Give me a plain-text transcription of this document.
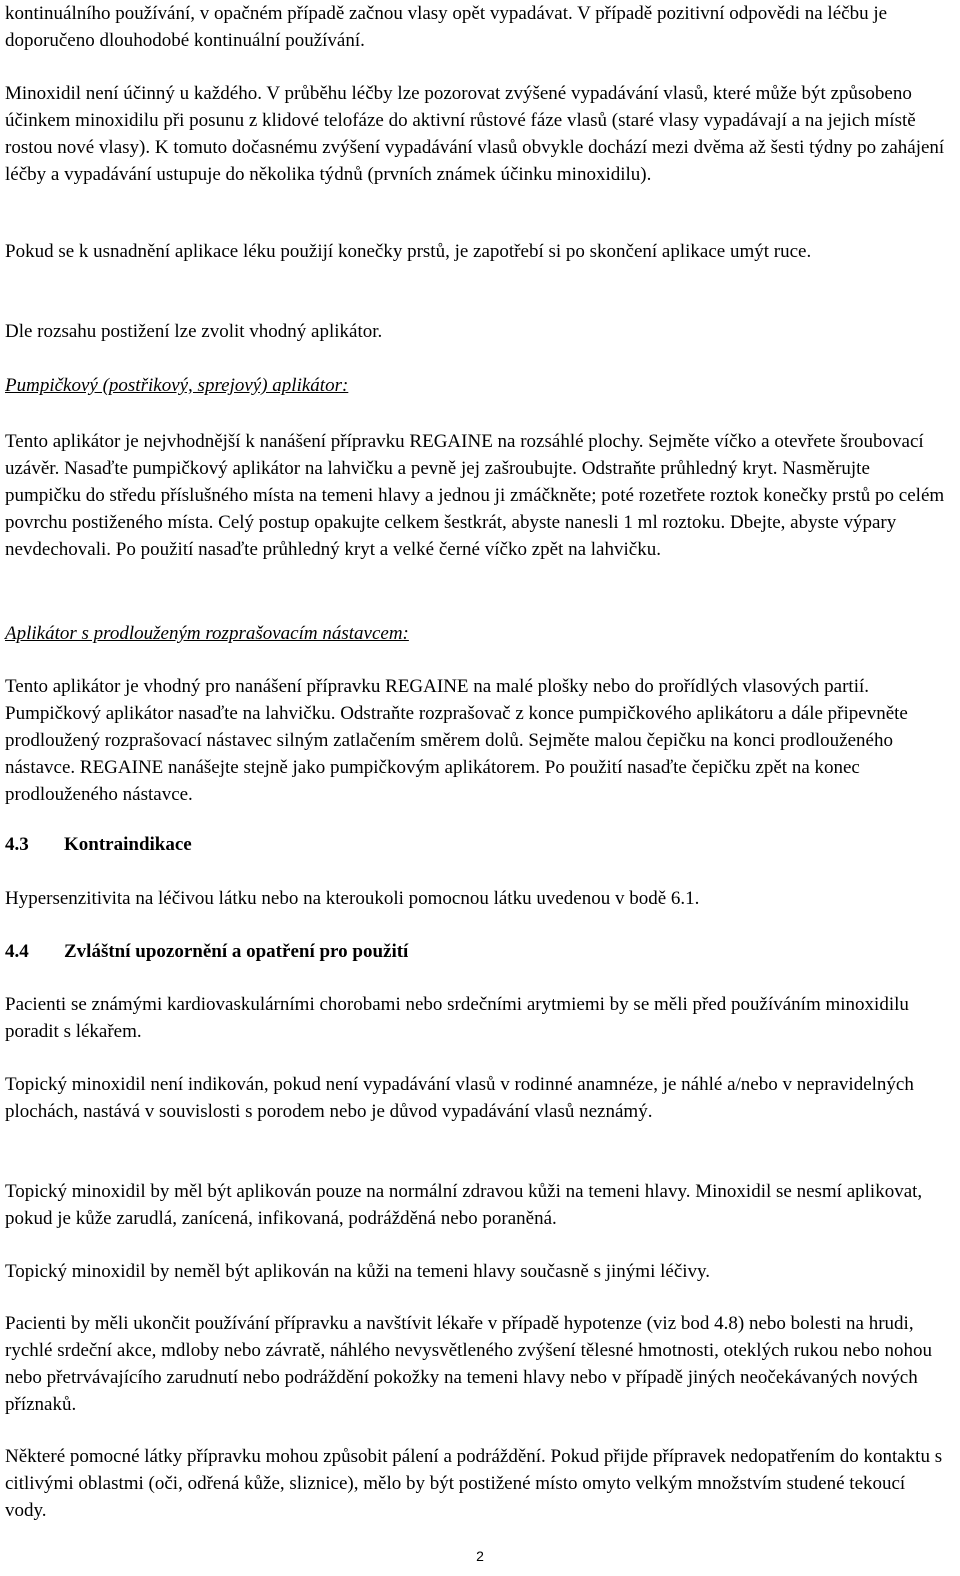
kontinuálního používání, v opačném případě začnou vlasy opět vypadávat. V případě pozitivní odpovědi na léčbu je doporučeno dlouhodobé kontinuální používání.

Minoxidil není účinný u každého. V průběhu léčby lze pozorovat zvýšené vypadávání vlasů, které může být způsobeno účinkem minoxidilu při posunu z klidové telofáze do aktivní růstové fáze vlasů (staré vlasy vypadávají a na jejich místě rostou nové vlasy). K tomuto dočasnému zvýšení vypadávání vlasů obvykle dochází mezi dvěma až šesti týdny po zahájení léčby a vypadávání ustupuje do několika týdnů (prvních známek účinku minoxidilu).

Pokud se k usnadnění aplikace léku použijí konečky prstů, je zapotřebí si po skončení aplikace umýt ruce.

Dle rozsahu postižení lze zvolit vhodný aplikátor.

Pumpičkový (postřikový, sprejový) aplikátor:

Tento aplikátor je nejvhodnější k nanášení přípravku REGAINE na rozsáhlé plochy. Sejměte víčko a otevřete šroubovací uzávěr. Nasaďte pumpičkový aplikátor na lahvičku a pevně jej zašroubujte. Odstraňte průhledný kryt. Nasměrujte pumpičku do středu příslušného místa na temeni hlavy a jednou ji zmáčkněte; poté rozetřete roztok konečky prstů po celém povrchu postiženého místa. Celý postup opakujte celkem šestkrát, abyste nanesli 1 ml roztoku. Dbejte, abyste výpary nevdechovali. Po použití nasaďte průhledný kryt a velké černé víčko zpět na lahvičku.

Aplikátor s prodlouženým rozprašovacím nástavcem:

Tento aplikátor je vhodný pro nanášení přípravku REGAINE na malé plošky nebo do prořídlých vlasových partií. Pumpičkový aplikátor nasaďte na lahvičku. Odstraňte rozprašovač z konce pumpičkového aplikátoru a dále připevněte prodloužený rozprašovací nástavec silným zatlačením směrem dolů. Sejměte malou čepičku na konci prodlouženého nástavce. REGAINE nanášejte stejně jako pumpičkovým aplikátorem. Po použití nasaďte čepičku zpět na konec prodlouženého nástavce.

4.3 Kontraindikace

Hypersenzitivita na léčivou látku nebo na kteroukoli pomocnou látku uvedenou v bodě 6.1.

4.4 Zvláštní upozornění a opatření pro použití

Pacienti se známými kardiovaskulárními chorobami nebo srdečními arytmiemi by se měli před používáním minoxidilu poradit s lékařem.

Topický minoxidil není indikován, pokud není vypadávání vlasů v rodinné anamnéze, je náhlé a/nebo v nepravidelných plochách, nastává v souvislosti s porodem nebo je důvod vypadávání vlasů neznámý.

Topický minoxidil by měl být aplikován pouze na normální zdravou kůži na temeni hlavy. Minoxidil se nesmí aplikovat, pokud je kůže zarudlá, zanícená, infikovaná, podrážděná nebo poraněná.

Topický minoxidil by neměl být aplikován na kůži na temeni hlavy současně s jinými léčivy.

Pacienti by měli ukončit používání přípravku a navštívit lékaře v případě hypotenze (viz bod 4.8) nebo bolesti na hrudi, rychlé srdeční akce, mdloby nebo závratě, náhlého nevysvětleného zvýšení tělesné hmotnosti, oteklých rukou nebo nohou nebo přetrvávajícího zarudnutí nebo podráždění pokožky na temeni hlavy nebo v případě jiných neočekávaných nových příznaků.

Některé pomocné látky přípravku mohou způsobit pálení a podráždění. Pokud přijde přípravek nedopatřením do kontaktu s citlivými oblastmi (oči, odřená kůže, sliznice), mělo by být postižené místo omyto velkým množstvím studené tekoucí vody.

2
